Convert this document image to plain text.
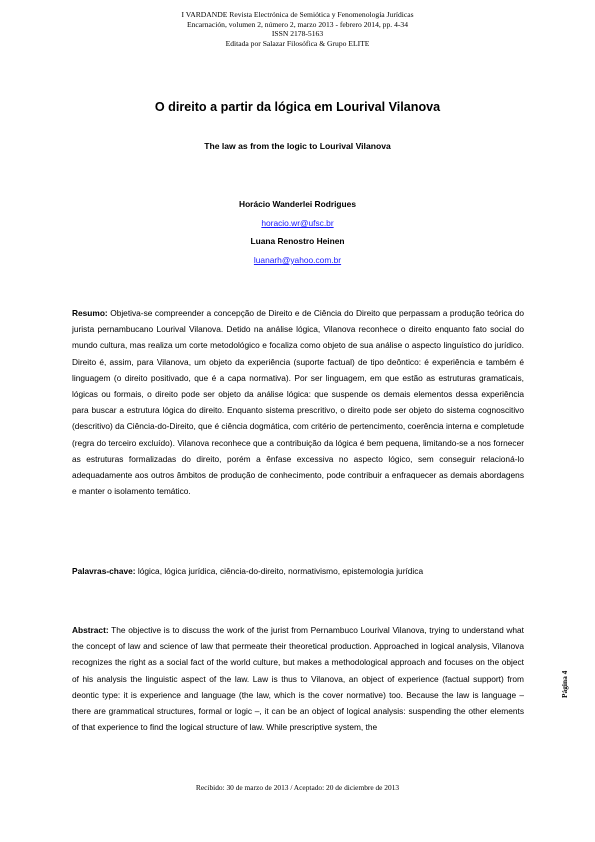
I VARDANDE Revista Electrónica de Semiótica y Fenomenología Jurídicas
Encarnación, volumen 2, número 2, marzo 2013 - febrero 2014, pp. 4-34
ISSN 2178-5163
Editada por Salazar Filosófica & Grupo ELITE
O direito a partir da lógica em Lourival Vilanova
The law as from the logic to Lourival Vilanova
Horácio Wanderlei Rodrigues
horacio.wr@ufsc.br
Luana Renostro Heinen
luanarh@yahoo.com.br
Resumo: Objetiva-se compreender a concepção de Direito e de Ciência do Direito que perpassam a produção teórica do jurista pernambucano Lourival Vilanova. Detido na análise lógica, Vilanova reconhece o direito enquanto fato social do mundo cultura, mas realiza um corte metodológico e focaliza como objeto de sua análise o aspecto linguístico do jurídico. Direito é, assim, para Vilanova, um objeto da experiência (suporte factual) de tipo deôntico: é experiência e também é linguagem (o direito positivado, que é a capa normativa). Por ser linguagem, em que estão as estruturas gramaticais, lógicas ou formais, o direito pode ser objeto da análise lógica: que suspende os demais elementos dessa experiência para buscar a estrutura lógica do direito. Enquanto sistema prescritivo, o direito pode ser objeto do sistema cognoscitivo (descritivo) da Ciência-do-Direito, que é ciência dogmática, com critério de pertencimento, coerência interna e completude (regra do terceiro excluído). Vilanova reconhece que a contribuição da lógica é bem pequena, limitando-se a nos fornecer as estruturas formalizadas do direito, porém a ênfase excessiva no aspecto lógico, sem conseguir relacioná-lo adequadamente aos outros âmbitos de produção de conhecimento, pode contribuir a enfraquecer as demais abordagens e manter o isolamento temático.
Palavras-chave: lógica, lógica jurídica, ciência-do-direito, normativismo, epistemologia jurídica
Abstract: The objective is to discuss the work of the jurist from Pernambuco Lourival Vilanova, trying to understand what the concept of law and science of law that permeate their theoretical production. Approached in logical analysis, Vilanova recognizes the right as a social fact of the world culture, but makes a methodological approach and focuses on the object of his analysis the linguistic aspect of the law. Law is thus to Vilanova, an object of experience (factual support) from deontic type: it is experience and language (the law, which is the cover normative) too. Because the law is language – there are grammatical structures, formal or logic –, it can be an object of logical analysis: suspending the other elements of that experience to find the logical structure of law. While prescriptive system, the
Recibido: 30 de marzo de 2013 / Aceptado: 20 de diciembre de 2013
Página 4
